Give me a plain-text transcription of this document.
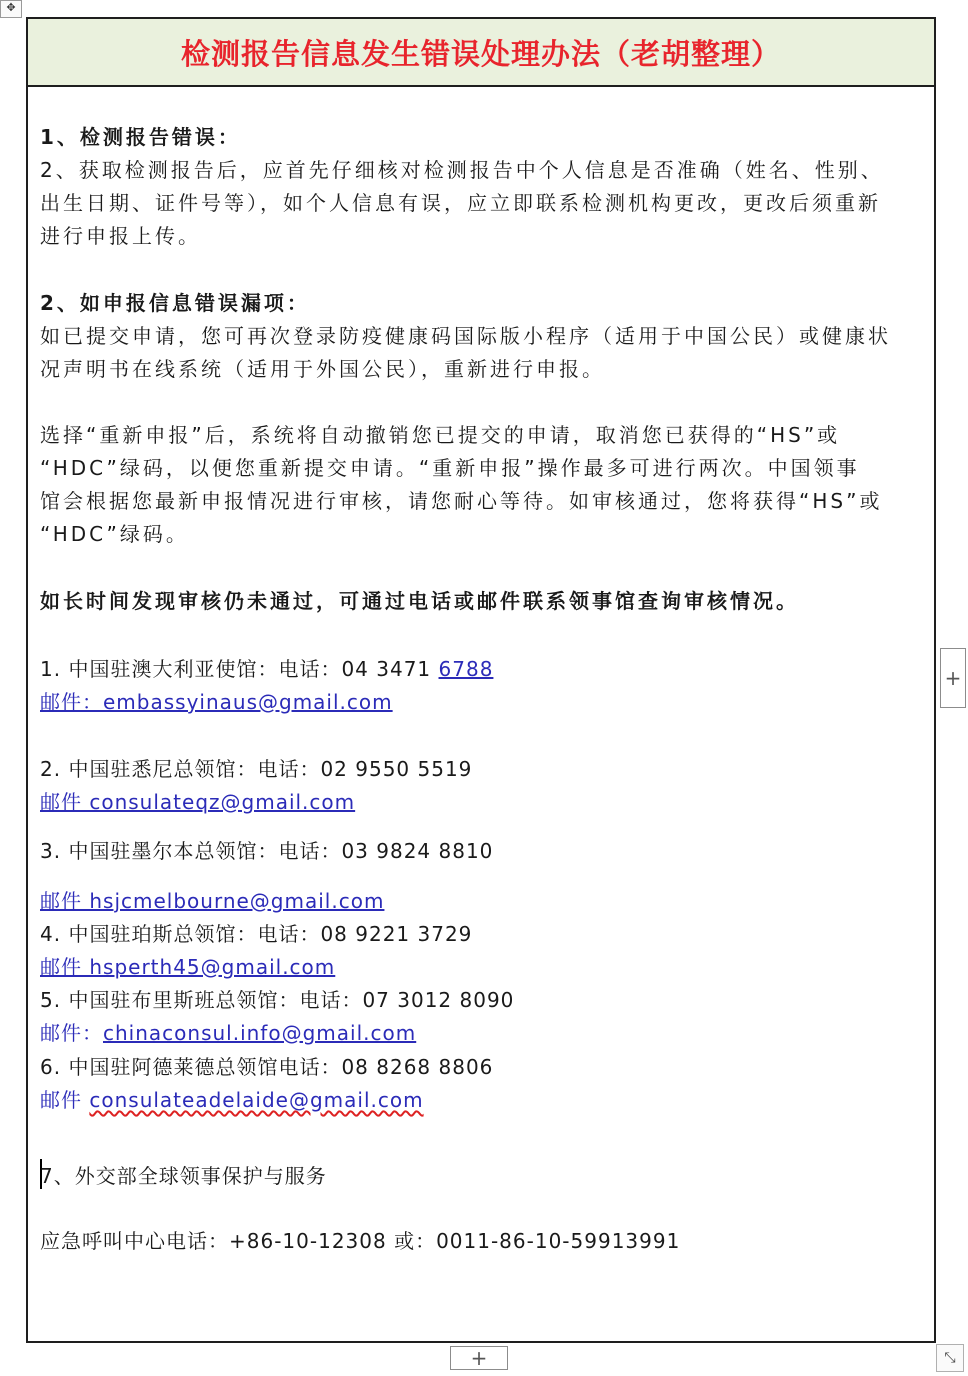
✥
检测报告信息发生错误处理办法（老胡整理）
1、检测报告错误：
2、获取检测报告后，应首先仔细核对检测报告中个人信息是否准确（姓名、性别、
出生日期、证件号等），如个人信息有误，应立即联系检测机构更改，更改后须重新
进行申报上传。
2、如申报信息错误漏项：
如已提交申请，您可再次登录防疫健康码国际版小程序（适用于中国公民）或健康状
况声明书在线系统（适用于外国公民），重新进行申报。
选择“重新申报”后，系统将自动撤销您已提交的申请，取消您已获得的“HS”或
“HDC”绿码，以便您重新提交申请。“重新申报”操作最多可进行两次。中国领事
馆会根据您最新申报情况进行审核，请您耐心等待。如审核通过，您将获得“HS”或
“HDC”绿码。
如长时间发现审核仍未通过，可通过电话或邮件联系领事馆查询审核情况。
1. 中国驻澳大利亚使馆：电话：04 3471 6788
邮件：embassyinaus@gmail.com
2. 中国驻悉尼总领馆：电话：02 9550 5519
邮件 consulateqz@gmail.com
3. 中国驻墨尔本总领馆：电话：03 9824 8810
邮件 hsjcmelbourne@gmail.com
4. 中国驻珀斯总领馆：电话：08 9221 3729
邮件 hsperth45@gmail.com
5. 中国驻布里斯班总领馆：电话：07 3012 8090
邮件：chinaconsul.info@gmail.com
6. 中国驻阿德莱德总领馆电话：08 8268 8806
邮件 consulateadelaide@gmail.com
7、外交部全球领事保护与服务
应急呼叫中心电话：+86-10-12308 或：0011-86-10-59913991
+
+	⤡
